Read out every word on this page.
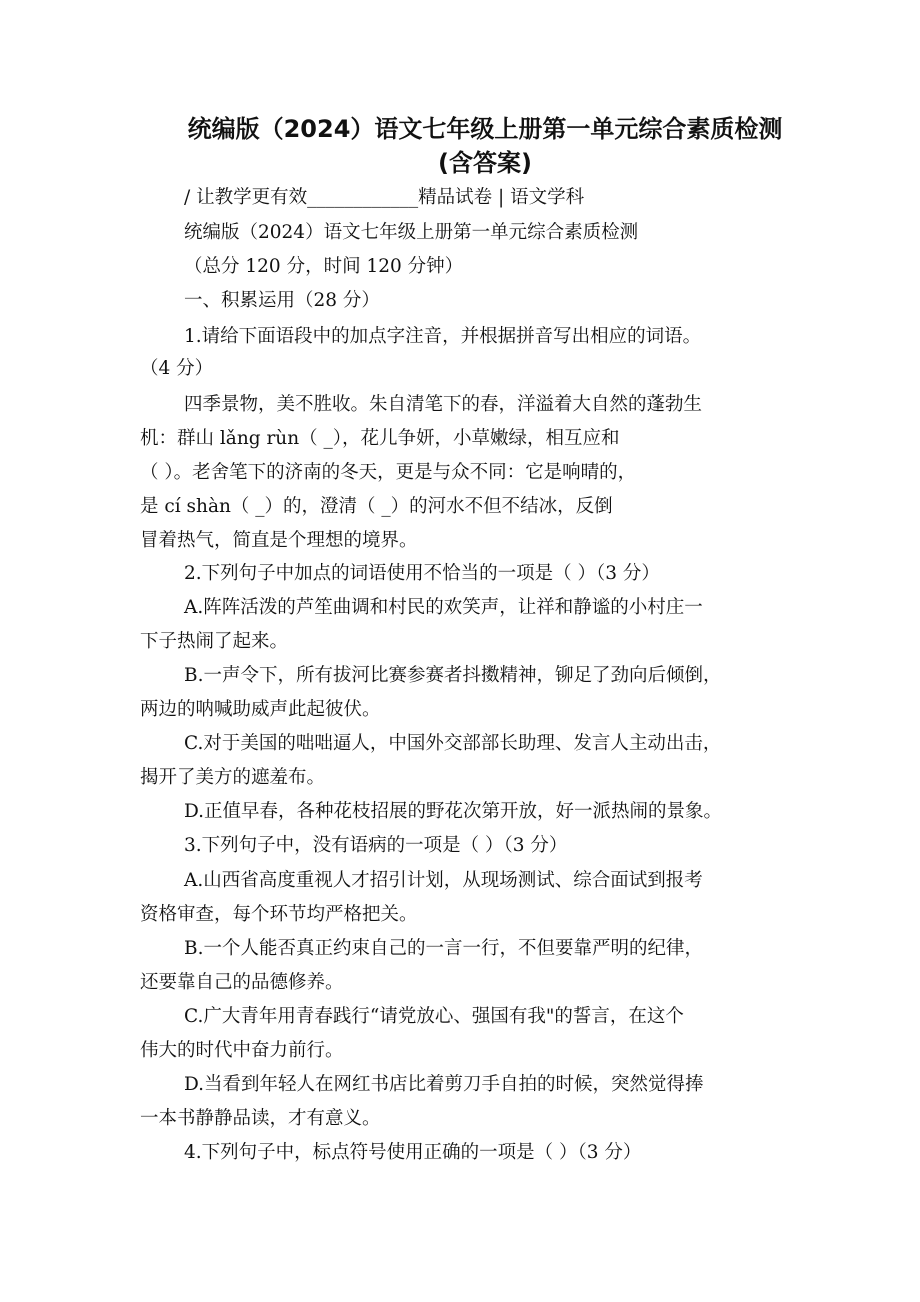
统编版（2024）语文七年级上册第一单元综合素质检测
(含答案)

/ 让教学更有效____________精品试卷 | 语文学科

统编版（2024）语文七年级上册第一单元综合素质检测

（总分 120 分，时间 120 分钟）

一、积累运用（28 分）

1.请给下面语段中的加点字注音，并根据拼音写出相应的词语。

（4 分）

四季景物，美不胜收。朱自清笔下的春，洋溢着大自然的蓬勃生

机：群山 lǎng rùn（ _），花儿争妍，小草嫩绿，相互应和

（ ）。老舍笔下的济南的冬天，更是与众不同：它是响晴的，

是 cí shàn（ _）的，澄清（ _）的河水不但不结冰，反倒

冒着热气，简直是个理想的境界。

2.下列句子中加点的词语使用不恰当的一项是（ ）（3 分）

A.阵阵活泼的芦笙曲调和村民的欢笑声，让祥和静谧的小村庄一

下子热闹了起来。

B.一声令下，所有拔河比赛参赛者抖擞精神，铆足了劲向后倾倒，

两边的呐喊助威声此起彼伏。

C.对于美国的咄咄逼人，中国外交部部长助理、发言人主动出击，

揭开了美方的遮羞布。

D.正值早春，各种花枝招展的野花次第开放，好一派热闹的景象。

3.下列句子中，没有语病的一项是（ ）（3 分）

A.山西省高度重视人才招引计划，从现场测试、综合面试到报考

资格审查，每个环节均严格把关。

B.一个人能否真正约束自己的一言一行，不但要靠严明的纪律，

还要靠自己的品德修养。

C.广大青年用青春践行“请党放心、强国有我"的誓言，在这个

伟大的时代中奋力前行。

D.当看到年轻人在网红书店比着剪刀手自拍的时候，突然觉得捧

一本书静静品读，才有意义。

4.下列句子中，标点符号使用正确的一项是（ ）（3 分）
